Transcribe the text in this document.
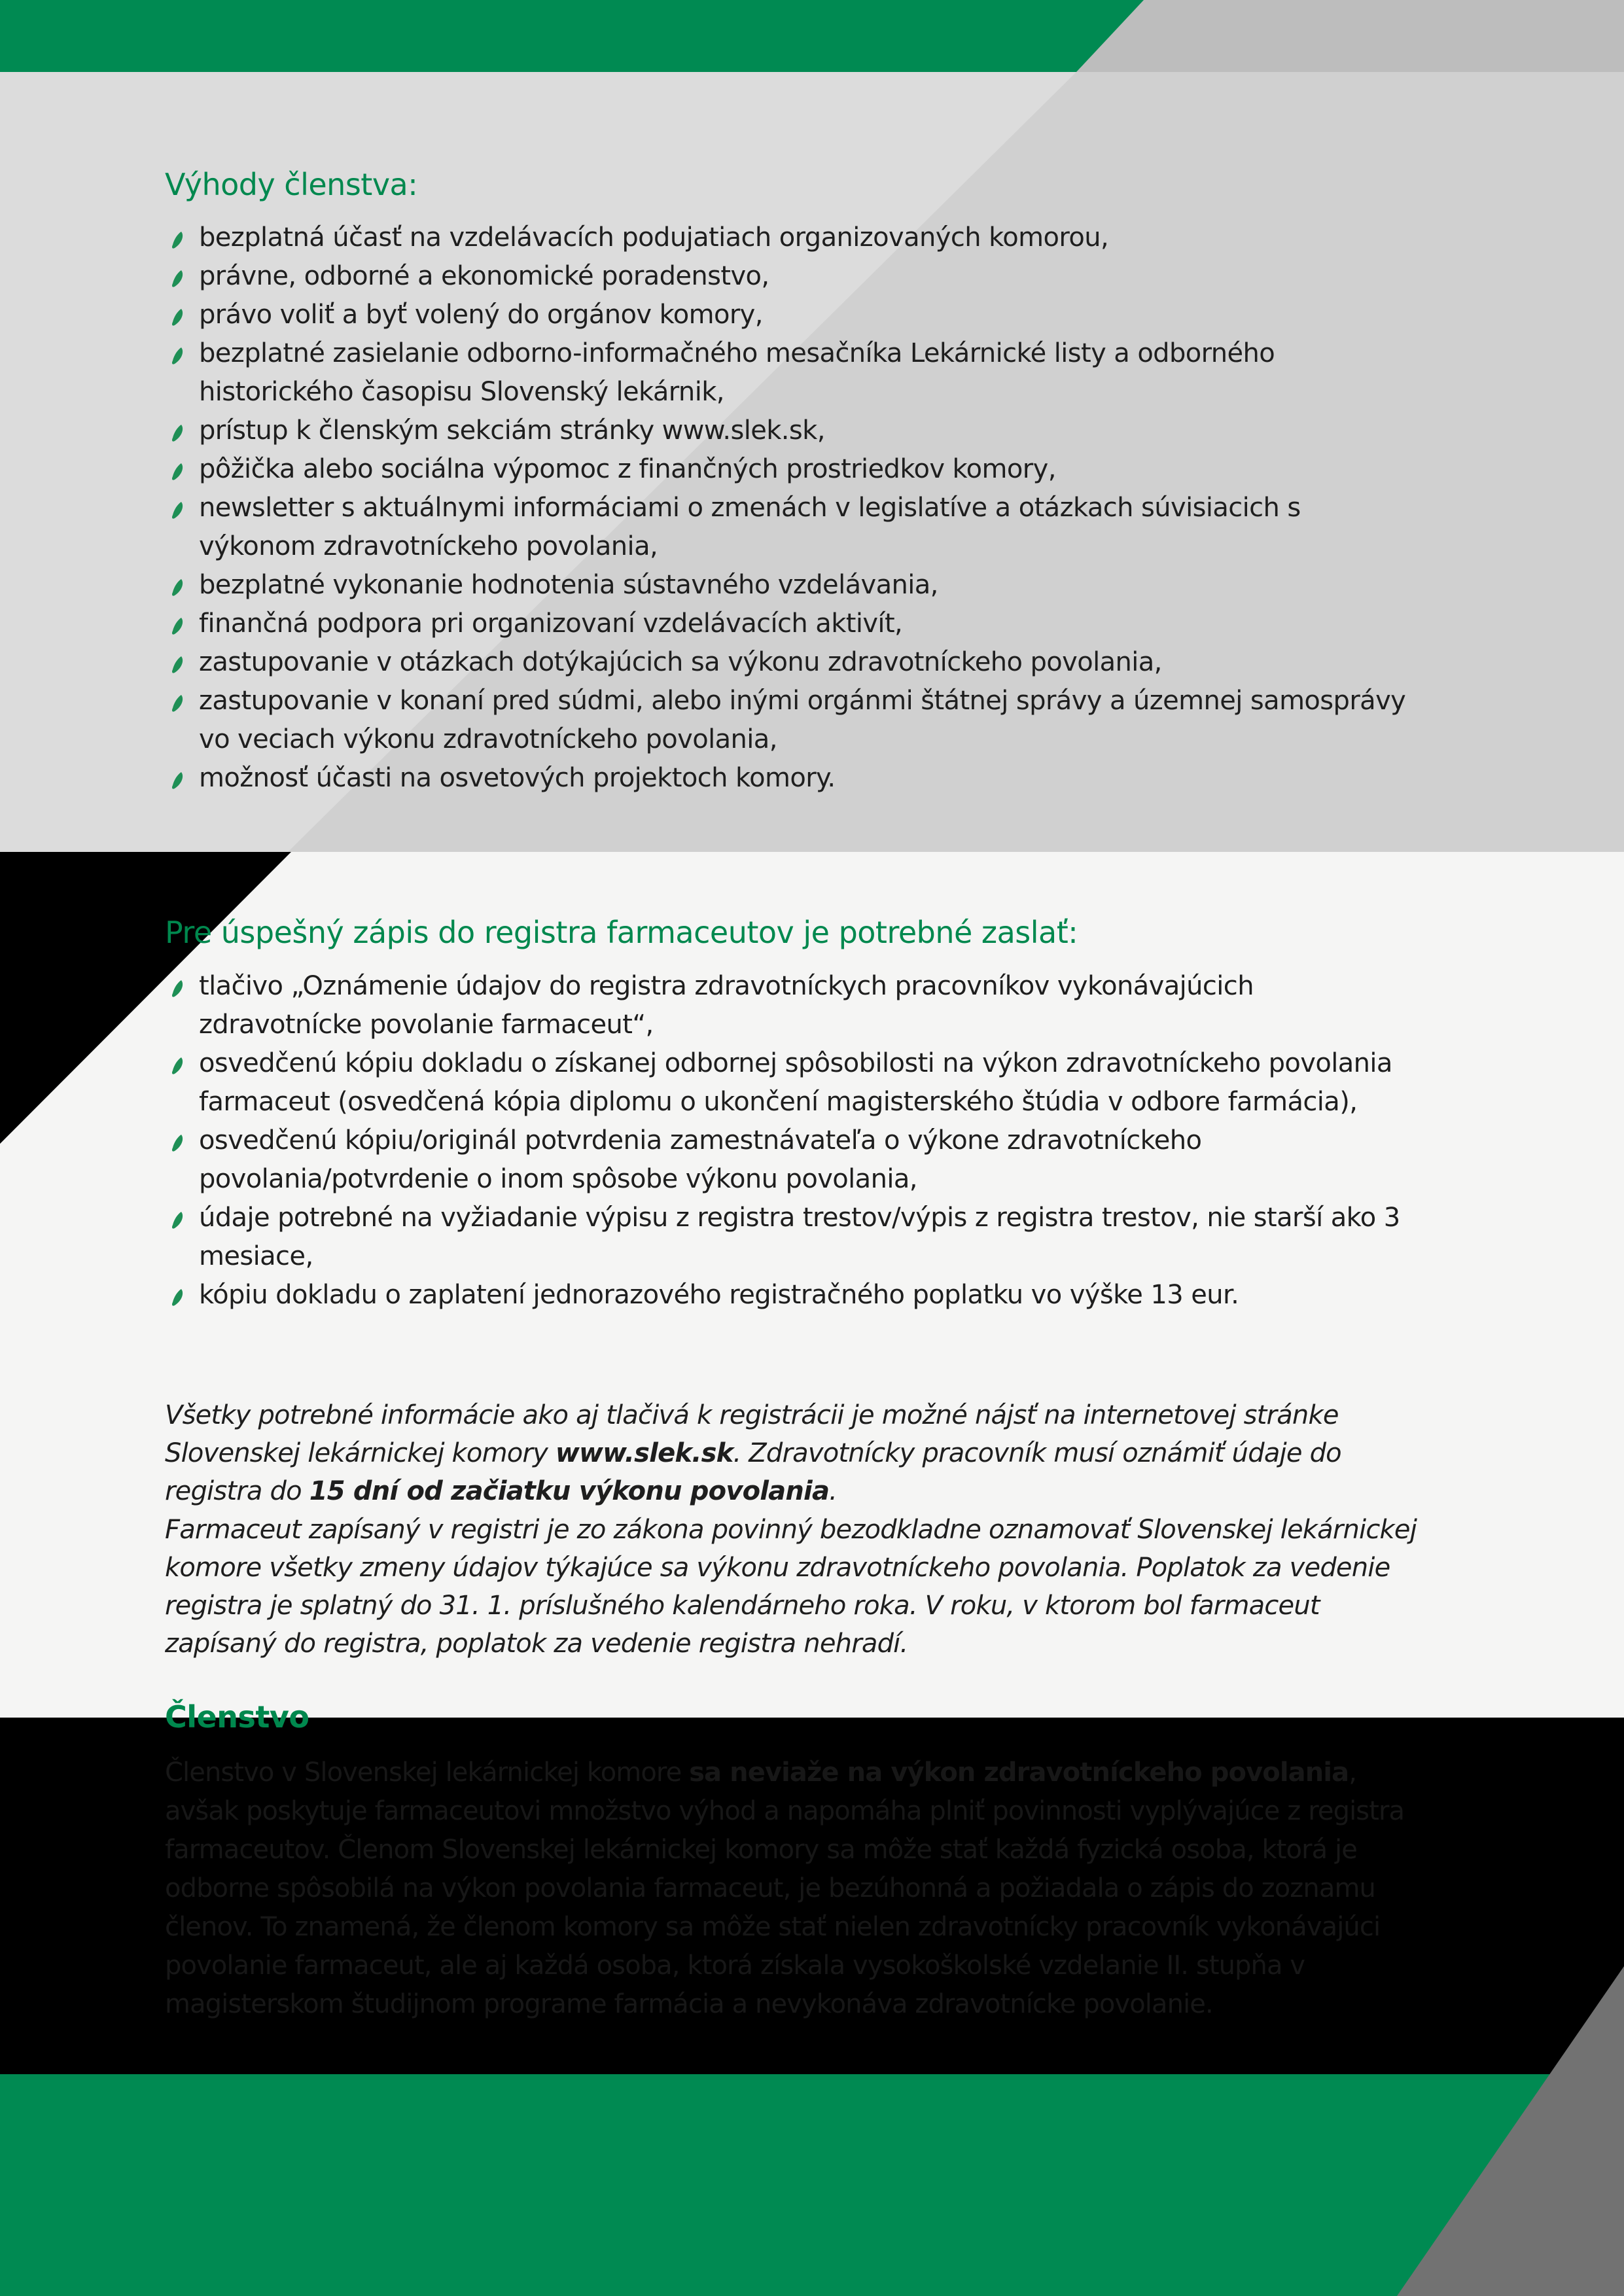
Výhody členstva:
bezplatná účasť na vzdelávacích podujatiach organizovaných komorou,
právne, odborné a ekonomické poradenstvo,
právo voliť a byť volený do orgánov komory,
bezplatné zasielanie odborno-informačného mesačníka Lekárnické listy a odborného historického časopisu Slovenský lekárnik,
prístup k členským sekciám stránky www.slek.sk,
pôžička alebo sociálna výpomoc z finančných prostriedkov komory,
newsletter s aktuálnymi informáciami o zmenách v legislatíve a otázkach súvisiacich s výkonom zdravotníckeho povolania,
bezplatné vykonanie hodnotenia sústavného vzdelávania,
finančná podpora pri organizovaní vzdelávacích aktivít,
zastupovanie v otázkach dotýkajúcich sa výkonu zdravotníckeho povolania,
zastupovanie v konaní pred súdmi, alebo inými orgánmi štátnej správy a územnej samosprávy vo veciach výkonu zdravotníckeho povolania,
možnosť účasti na osvetových projektoch komory.
Pre úspešný zápis do registra farmaceutov je potrebné zaslať:
tlačivo „Oznámenie údajov do registra zdravotníckych pracovníkov vykonávajúcich zdravotnícke povolanie farmaceut“,
osvedčenú kópiu dokladu o získanej odbornej spôsobilosti na výkon zdravotníckeho povolania farmaceut (osvedčená kópia diplomu o ukončení magisterského štúdia v odbore farmácia),
osvedčenú kópiu/originál potvrdenia zamestnávateľa o výkone zdravotníckeho povolania/potvrdenie o inom spôsobe výkonu povolania,
údaje potrebné na vyžiadanie výpisu z registra trestov/výpis z registra trestov, nie starší ako 3 mesiace,
kópiu dokladu o zaplatení jednorazového registračného poplatku vo výške 13 eur.

Všetky potrebné informácie ako aj tlačivá k registrácii je možné nájsť na internetovej stránke Slovenskej lekárnickej komory www.slek.sk. Zdravotnícky pracovník musí oznámiť údaje do registra do 15 dní od začiatku výkonu povolania.

Farmaceut zapísaný v registri je zo zákona povinný bezodkladne oznamovať Slovenskej lekárnickej komore všetky zmeny údajov týkajúce sa výkonu zdravotníckeho povolania. Poplatok za vedenie registra je splatný do 31. 1. príslušného kalendárneho roka. V roku, v ktorom bol farmaceut zapísaný do registra, poplatok za vedenie registra nehradí.

Členstvo

Členstvo v Slovenskej lekárnickej komore sa neviaže na výkon zdravotníckeho povolania, avšak poskytuje farmaceutovi množstvo výhod a napomáha plniť povinnosti vyplývajúce z registra farmaceutov. Členom Slovenskej lekárnickej komory sa môže stať každá fyzická osoba, ktorá je odborne spôsobilá na výkon povolania farmaceut, je bezúhonná a požiadala o zápis do zoznamu členov. To znamená, že členom komory sa môže stať nielen zdravotnícky pracovník vykonávajúci povolanie farmaceut, ale aj každá osoba, ktorá získala vysokoškolské vzdelanie II. stupňa v magisterskom študijnom programe farmácia a nevykonáva zdravotnícke povolanie.
